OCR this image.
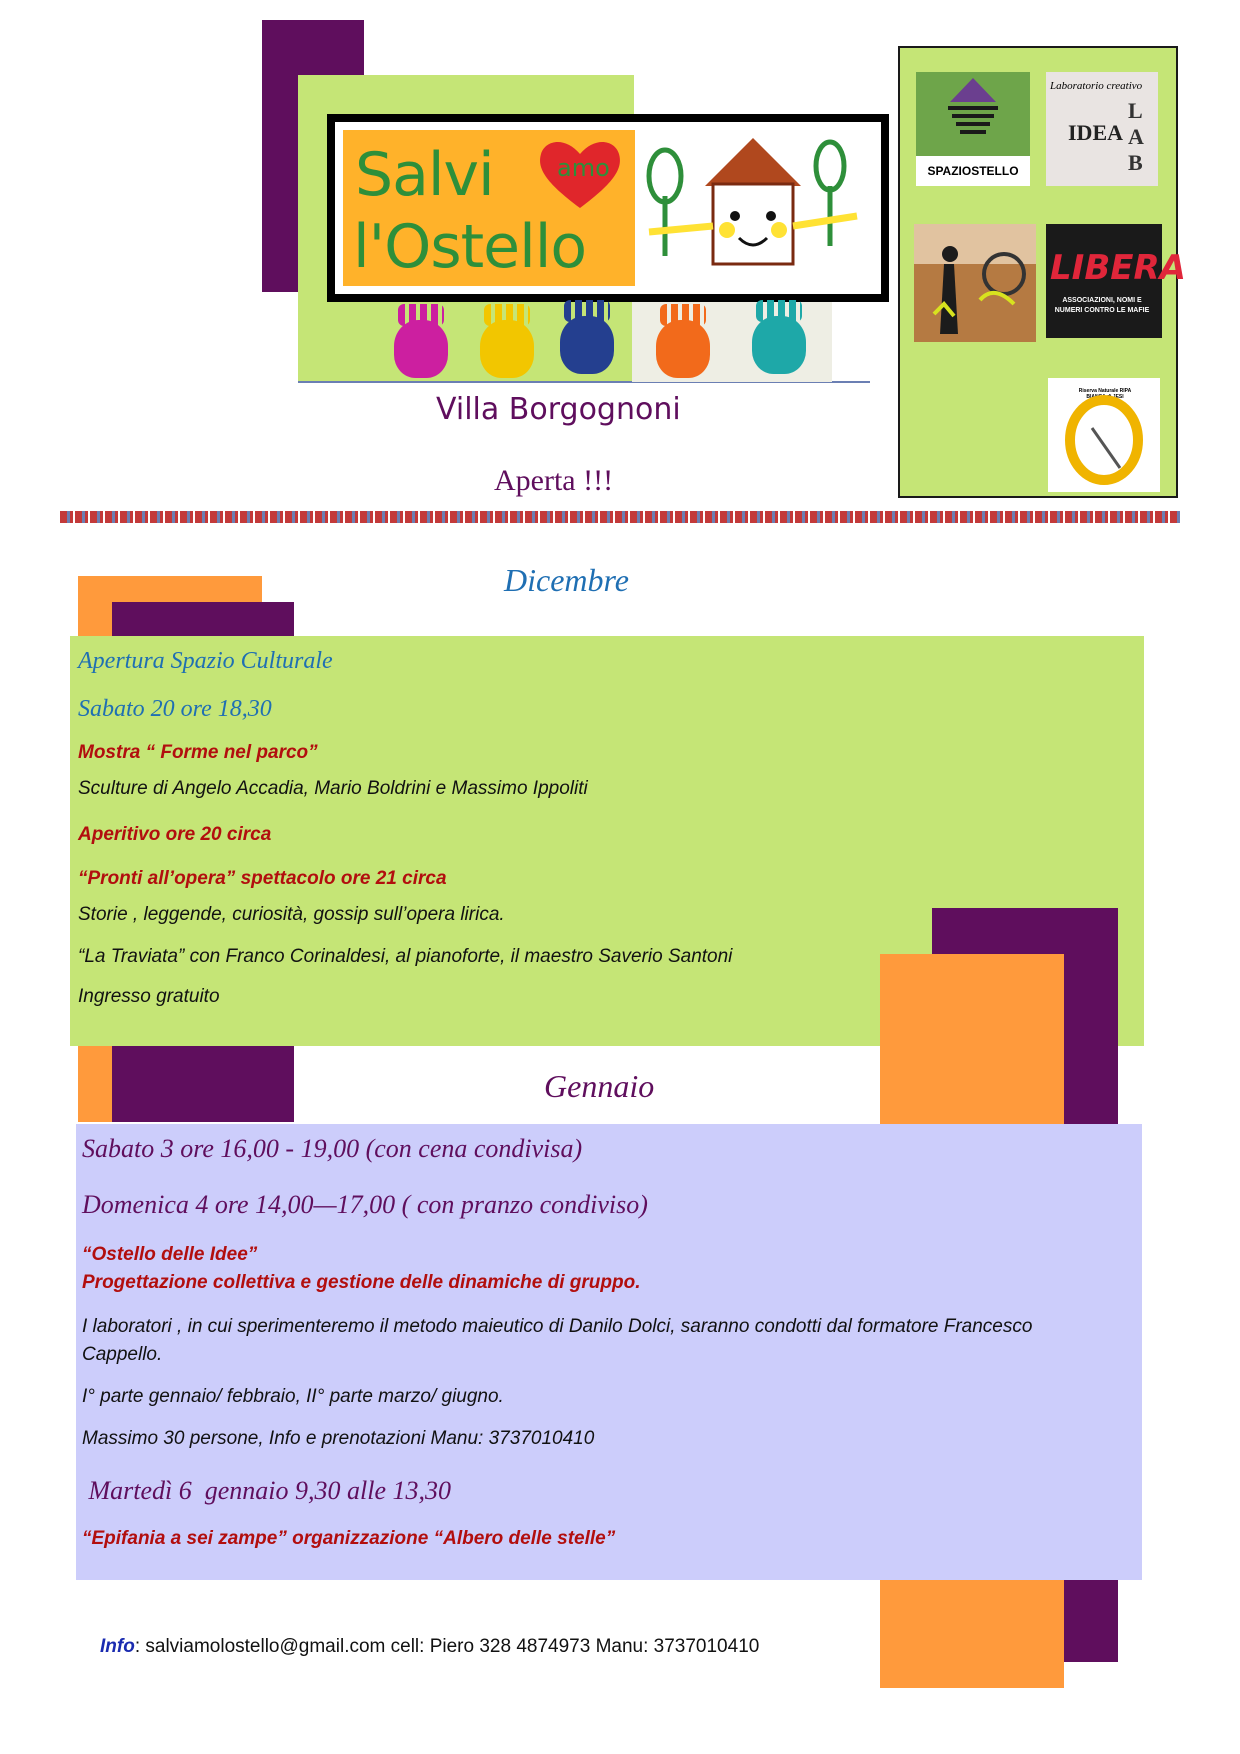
Salvi	amo
l'Ostello
Villa Borgognoni
Aperta !!!
SPAZIOSTELLO
Laboratorio creativo
L A B
IDEA
LIBERA
ASSOCIAZIONI, NOMI E NUMERI CONTRO LE MAFIE
Riserva Naturale RIPA BIANCA di JESI
Dicembre
Apertura Spazio Culturale
Sabato 20 ore 18,30
Mostra “ Forme nel parco”
Sculture di Angelo Accadia, Mario Boldrini e Massimo Ippoliti
Aperitivo ore 20 circa
“Pronti all’opera” spettacolo ore 21 circa
Storie , leggende, curiosità, gossip sull’opera lirica.
“La Traviata” con Franco Corinaldesi, al pianoforte, il maestro Saverio Santoni
Ingresso gratuito
Gennaio
Sabato 3 ore 16,00 - 19,00 (con cena condivisa)
Domenica 4 ore 14,00—17,00 ( con pranzo condiviso)
“Ostello delle Idee”
Progettazione collettiva e gestione delle dinamiche di gruppo.
I laboratori , in cui sperimenteremo il metodo maieutico di Danilo Dolci, saranno condotti dal formatore Francesco
Cappello.
I° parte gennaio/ febbraio, II° parte marzo/ giugno.
Massimo 30 persone, Info e prenotazioni Manu: 3737010410
Martedì 6  gennaio 9,30 alle 13,30
“Epifania a sei zampe” organizzazione “Albero delle stelle”
Info: salviamolostello@gmail.com cell: Piero 328 4874973 Manu: 3737010410
